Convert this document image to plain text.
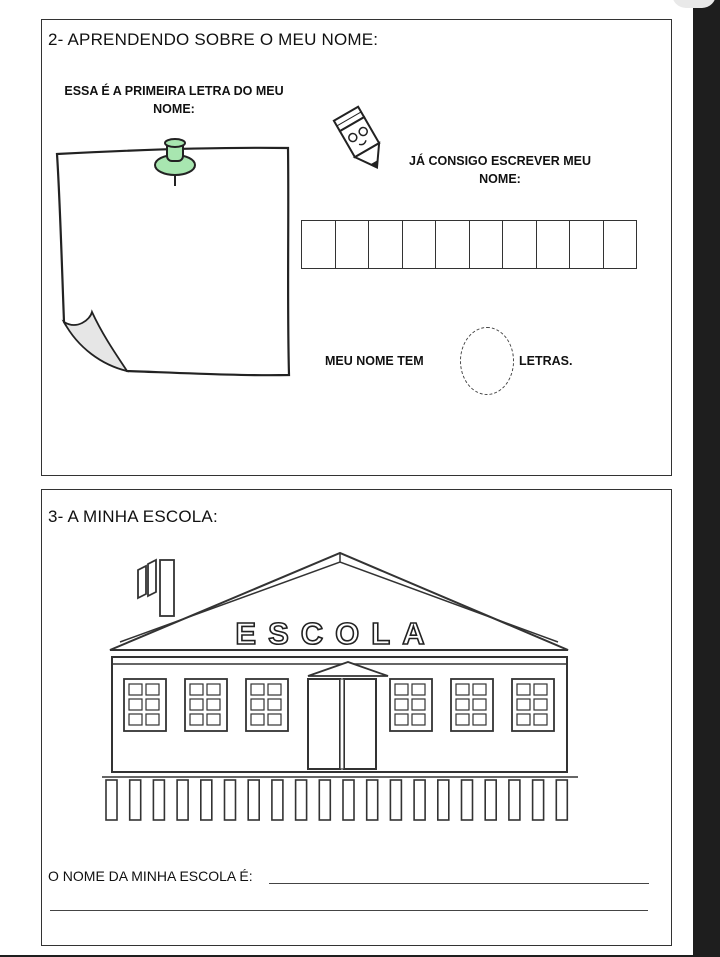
2- APRENDENDO SOBRE O MEU NOME:
ESSA É A PRIMEIRA LETRA DO MEU NOME:
JÁ CONSIGO ESCREVER MEU NOME:
MEU NOME TEM	LETRAS.
3- A MINHA ESCOLA:
ESCOLA
O NOME DA MINHA ESCOLA É:
